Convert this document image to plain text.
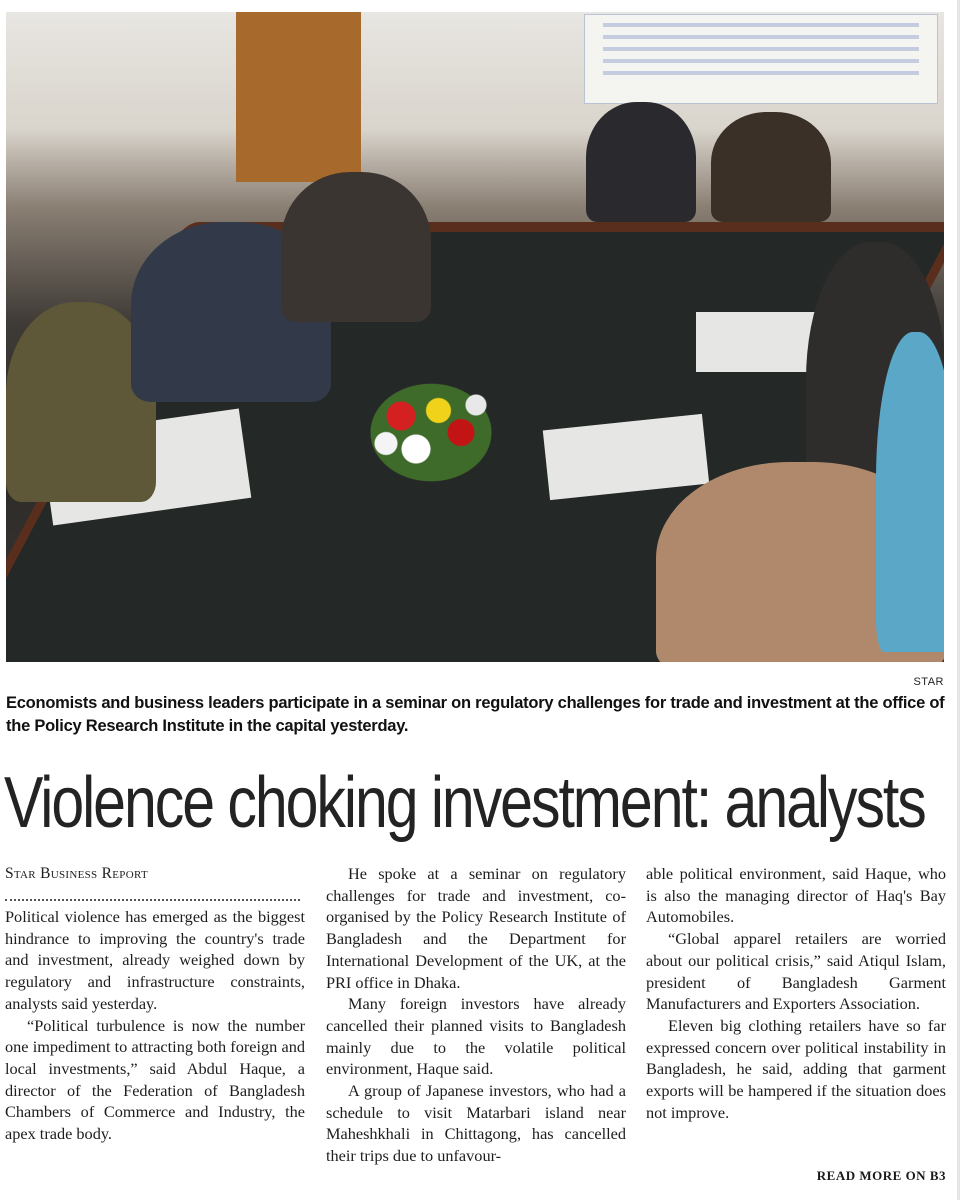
STAR
Economists and business leaders participate in a seminar on regulatory challenges for trade and investment at the office of the Policy Research Institute in the capital yesterday.
Violence choking investment: analysts
Star Business Report

Political violence has emerged as the biggest hindrance to improving the country's trade and investment, already weighed down by regulatory and infrastructure constraints, analysts said yesterday.

“Political turbulence is now the number one impediment to attracting both foreign and local investments,” said Abdul Haque, a director of the Federation of Bangladesh Chambers of Commerce and Industry, the apex trade body.

He spoke at a seminar on regulatory challenges for trade and investment, co-organised by the Policy Research Institute of Bangladesh and the Department for International Development of the UK, at the PRI office in Dhaka.

Many foreign investors have already cancelled their planned visits to Bangladesh mainly due to the volatile political environment, Haque said.

A group of Japanese investors, who had a schedule to visit Matarbari island near Maheshkhali in Chittagong, has cancelled their trips due to unfavour-

able political environment, said Haque, who is also the managing director of Haq's Bay Automobiles.

“Global apparel retailers are worried about our political crisis,” said Atiqul Islam, president of Bangladesh Garment Manufacturers and Exporters Association.

Eleven big clothing retailers have so far expressed concern over political instability in Bangladesh, he said, adding that garment exports will be hampered if the situation does not improve.

READ MORE ON B3
